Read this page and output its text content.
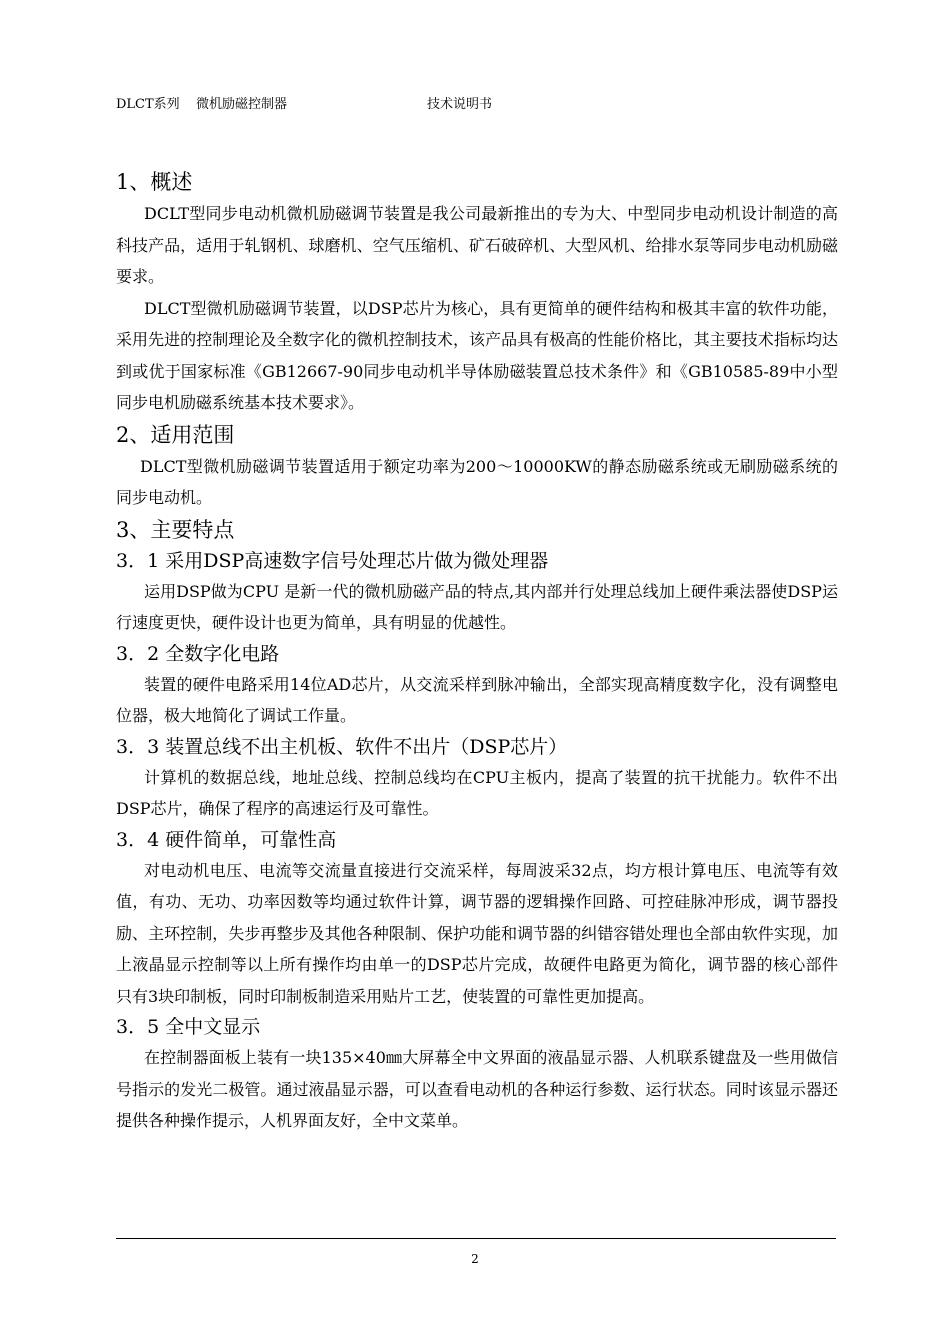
DLCT系列	微机励磁控制器	技术说明书

1、概述

DCLT型同步电动机微机励磁调节装置是我公司最新推出的专为大、中型同步电动机设计制造的高科技产品，适用于轧钢机、球磨机、空气压缩机、矿石破碎机、大型风机、给排水泵等同步电动机励磁要求。

DLCT型微机励磁调节装置，以DSP芯片为核心，具有更简单的硬件结构和极其丰富的软件功能，采用先进的控制理论及全数字化的微机控制技术，该产品具有极高的性能价格比，其主要技术指标均达到或优于国家标准《GB12667-90同步电动机半导体励磁装置总技术条件》和《GB10585-89中小型同步电机励磁系统基本技术要求》。

2、适用范围

DLCT型微机励磁调节装置适用于额定功率为200～10000KW的静态励磁系统或无刷励磁系统的同步电动机。

3、主要特点

3．1 采用DSP高速数字信号处理芯片做为微处理器

运用DSP做为CPU 是新一代的微机励磁产品的特点,其内部并行处理总线加上硬件乘法器使DSP运行速度更快，硬件设计也更为简单，具有明显的优越性。

3．2 全数字化电路

装置的硬件电路采用14位AD芯片，从交流采样到脉冲输出，全部实现高精度数字化，没有调整电位器，极大地简化了调试工作量。

3．3 装置总线不出主机板、软件不出片（DSP芯片）

计算机的数据总线，地址总线、控制总线均在CPU主板内，提高了装置的抗干扰能力。软件不出DSP芯片，确保了程序的高速运行及可靠性。

3．4 硬件简单，可靠性高

对电动机电压、电流等交流量直接进行交流采样，每周波采32点，均方根计算电压、电流等有效值，有功、无功、功率因数等均通过软件计算，调节器的逻辑操作回路、可控硅脉冲形成，调节器投励、主环控制，失步再整步及其他各种限制、保护功能和调节器的纠错容错处理也全部由软件实现，加上液晶显示控制等以上所有操作均由单一的DSP芯片完成，故硬件电路更为简化，调节器的核心部件只有3块印制板，同时印制板制造采用贴片工艺，使装置的可靠性更加提高。

3．5 全中文显示

在控制器面板上装有一块135×40㎜大屏幕全中文界面的液晶显示器、人机联系键盘及一些用做信号指示的发光二极管。通过液晶显示器，可以查看电动机的各种运行参数、运行状态。同时该显示器还提供各种操作提示，人机界面友好，全中文菜单。

2
